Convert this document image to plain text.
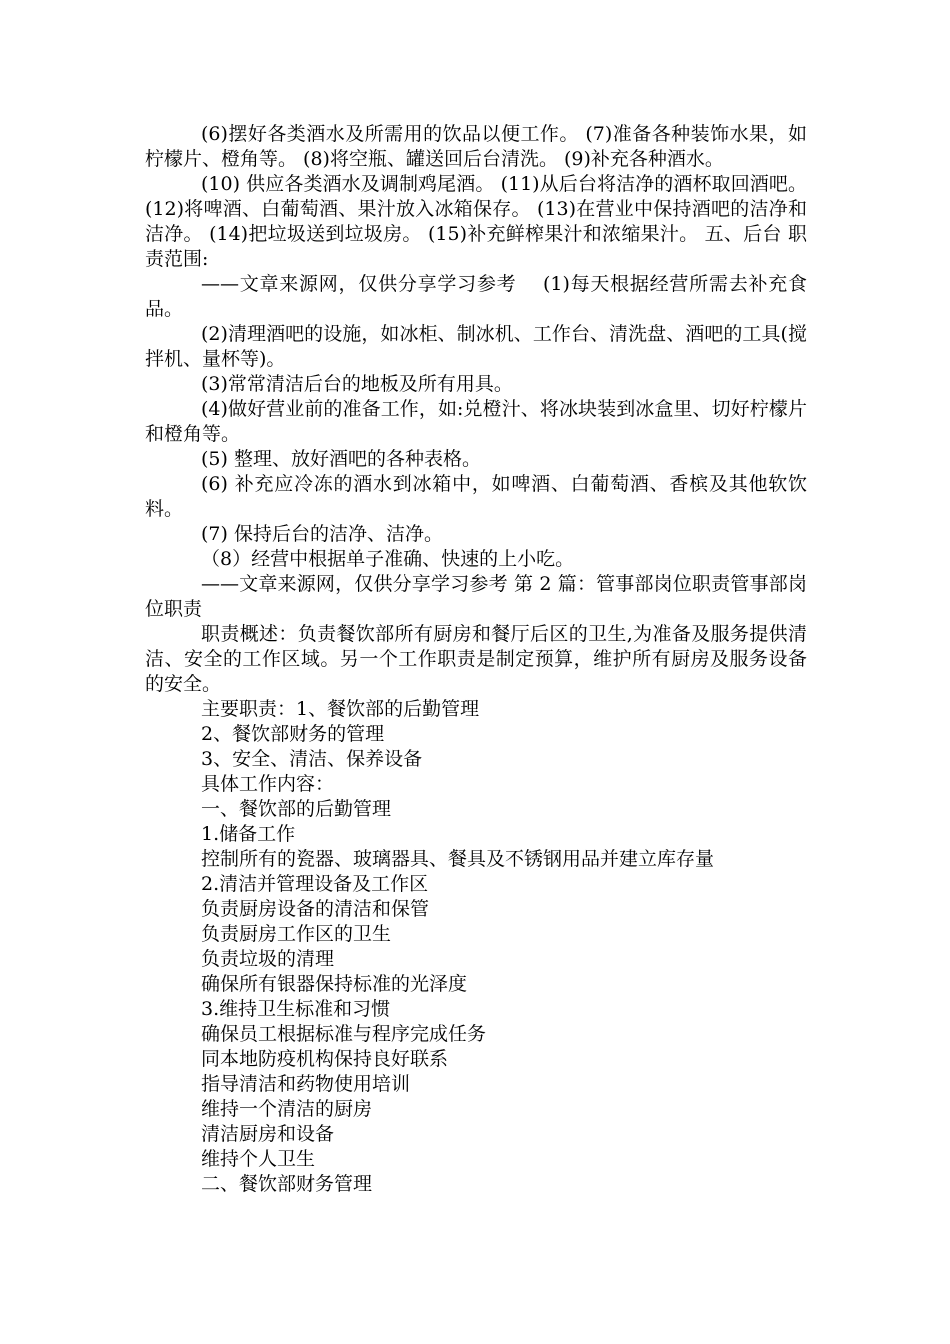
(6)摆好各类酒水及所需用的饮品以便工作。 (7)准备各种装饰水果，如柠檬片、橙角等。 (8)将空瓶、罐送回后台清洗。 (9)补充各种酒水。

(10) 供应各类酒水及调制鸡尾酒。 (11)从后台将洁净的酒杯取回酒吧。 (12)将啤酒、白葡萄酒、果汁放入冰箱保存。 (13)在营业中保持酒吧的洁净和洁净。 (14)把垃圾送到垃圾房。 (15)补充鲜榨果汁和浓缩果汁。 五、后台 职责范围:

——文章来源网，仅供分享学习参考　 (1)每天根据经营所需去补充食品。

(2)清理酒吧的设施，如冰柜、制冰机、工作台、清洗盘、酒吧的工具(搅拌机、量杯等)。

(3)常常清洁后台的地板及所有用具。

(4)做好营业前的准备工作，如:兑橙汁、将冰块装到冰盒里、切好柠檬片和橙角等。

(5) 整理、放好酒吧的各种表格。

(6) 补充应冷冻的酒水到冰箱中，如啤酒、白葡萄酒、香槟及其他软饮料。

(7) 保持后台的洁净、洁净。

（8）经营中根据单子准确、快速的上小吃。

——文章来源网，仅供分享学习参考 第 2 篇：管事部岗位职责管事部岗位职责

职责概述：负责餐饮部所有厨房和餐厅后区的卫生,为准备及服务提供清洁、安全的工作区域。另一个工作职责是制定预算，维护所有厨房及服务设备的安全。

主要职责：1、餐饮部的后勤管理
2、餐饮部财务的管理
3、安全、清洁、保养设备
具体工作内容：
一、餐饮部的后勤管理
1.储备工作
控制所有的瓷器、玻璃器具、餐具及不锈钢用品并建立库存量
2.清洁并管理设备及工作区
负责厨房设备的清洁和保管
负责厨房工作区的卫生
负责垃圾的清理
确保所有银器保持标准的光泽度
3.维持卫生标准和习惯
确保员工根据标准与程序完成任务
同本地防疫机构保持良好联系
指导清洁和药物使用培训
维持一个清洁的厨房
清洁厨房和设备
维持个人卫生
二、餐饮部财务管理
